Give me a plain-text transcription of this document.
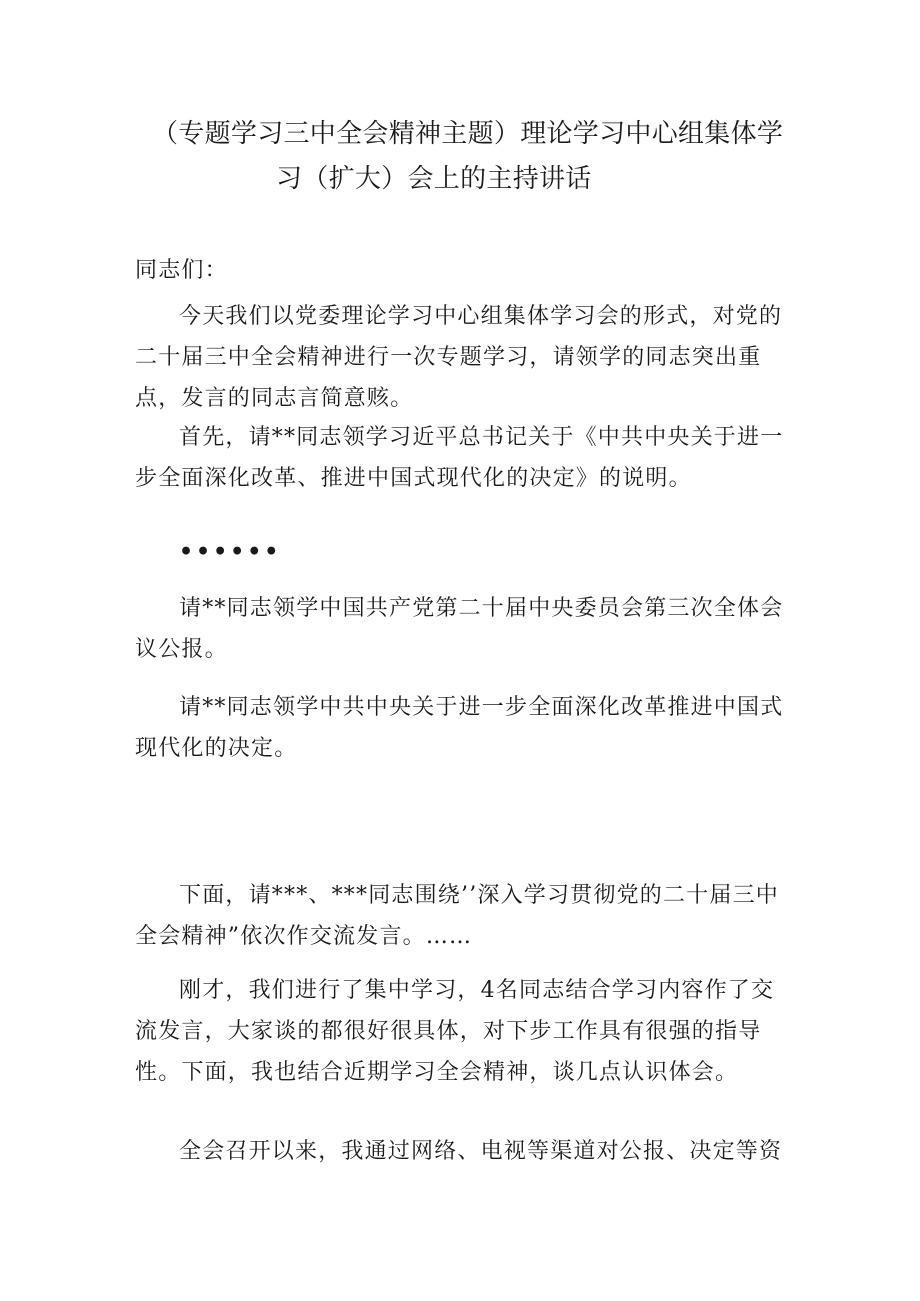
（专题学习三中全会精神主题）理论学习中心组集体学
习（扩大）会上的主持讲话

同志们：

今天我们以党委理论学习中心组集体学习会的形式，对党的二十届三中全会精神进行一次专题学习，请领学的同志突出重点，发言的同志言简意赅。

首先，请**同志领学习近平总书记关于《中共中央关于进一步全面深化改革、推进中国式现代化的决定》的说明。

••••••

请**同志领学中国共产党第二十届中央委员会第三次全体会议公报。

请**同志领学中共中央关于进一步全面深化改革推进中国式现代化的决定。

下面，请***、***同志围绕’’深入学习贯彻党的二十届三中全会精神”依次作交流发言。……

刚才，我们进行了集中学习，4名同志结合学习内容作了交流发言，大家谈的都很好很具体，对下步工作具有很强的指导性。下面，我也结合近期学习全会精神，谈几点认识体会。

全会召开以来，我通过网络、电视等渠道对公报、决定等资
